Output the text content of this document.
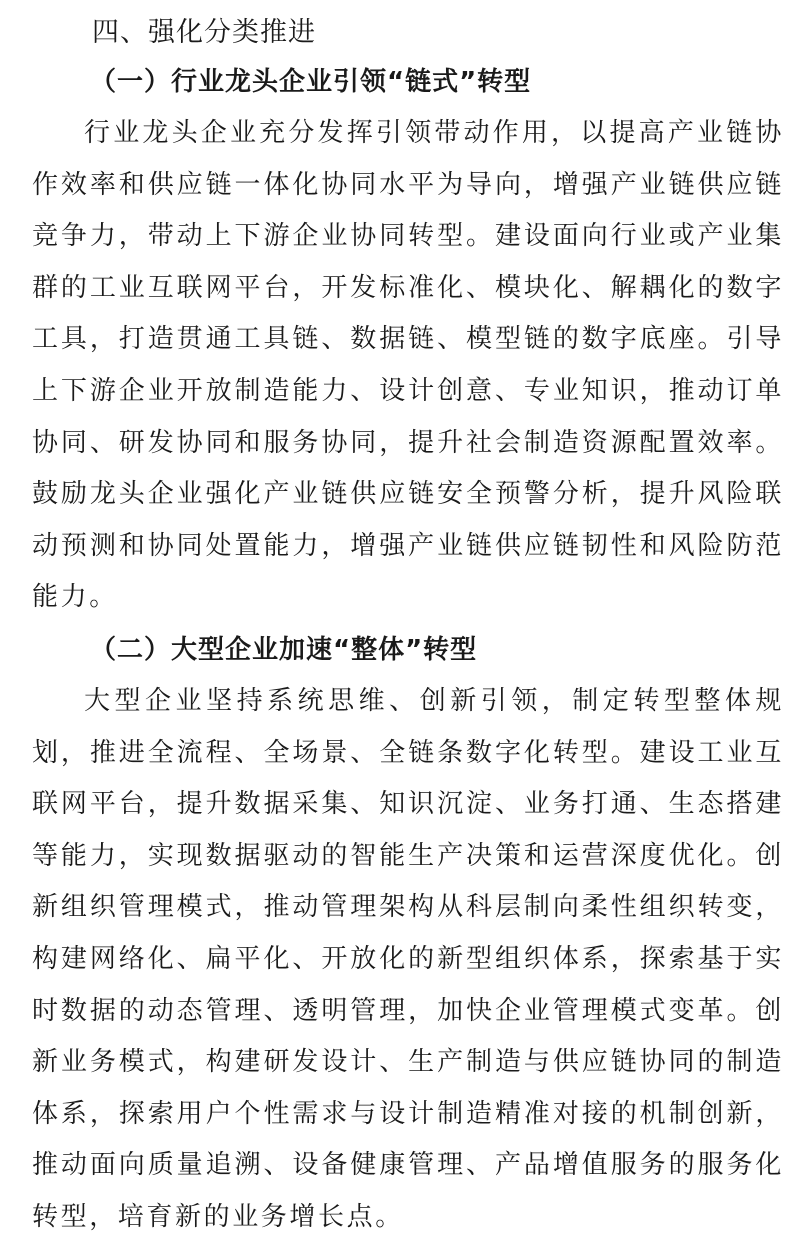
四、强化分类推进
（一）行业龙头企业引领“链式”转型

行业龙头企业充分发挥引领带动作用，以提高产业链协作效率和供应链一体化协同水平为导向，增强产业链供应链竞争力，带动上下游企业协同转型。建设面向行业或产业集群的工业互联网平台，开发标准化、模块化、解耦化的数字工具，打造贯通工具链、数据链、模型链的数字底座。引导上下游企业开放制造能力、设计创意、专业知识，推动订单协同、研发协同和服务协同，提升社会制造资源配置效率。鼓励龙头企业强化产业链供应链安全预警分析，提升风险联动预测和协同处置能力，增强产业链供应链韧性和风险防范能力。

（二）大型企业加速“整体”转型

大型企业坚持系统思维、创新引领，制定转型整体规划，推进全流程、全场景、全链条数字化转型。建设工业互联网平台，提升数据采集、知识沉淀、业务打通、生态搭建等能力，实现数据驱动的智能生产决策和运营深度优化。创新组织管理模式，推动管理架构从科层制向柔性组织转变，构建网络化、扁平化、开放化的新型组织体系，探索基于实时数据的动态管理、透明管理，加快企业管理模式变革。创新业务模式，构建研发设计、生产制造与供应链协同的制造体系，探索用户个性需求与设计制造精准对接的机制创新，推动面向质量追溯、设备健康管理、产品增值服务的服务化转型，培育新的业务增长点。
